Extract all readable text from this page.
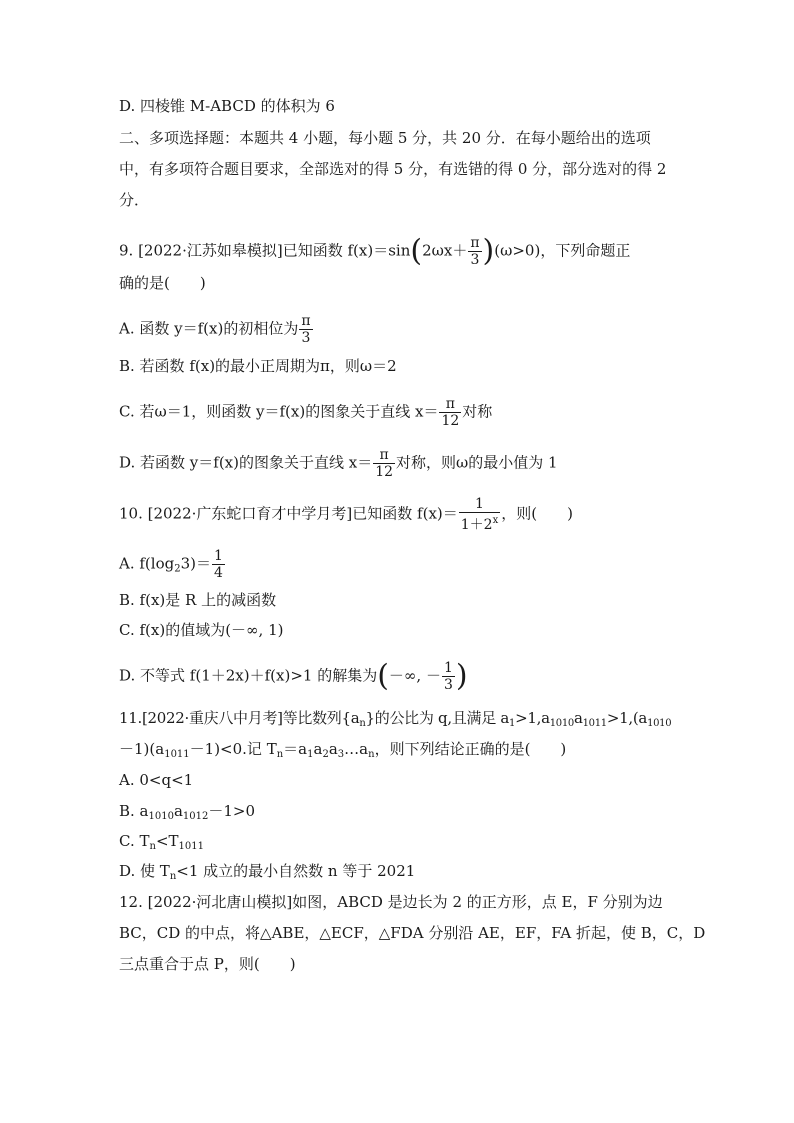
D. 四棱锥 M-ABCD 的体积为 6
二、多项选择题：本题共 4 小题，每小题 5 分，共 20 分．在每小题给出的选项
中，有多项符合题目要求，全部选对的得 5 分，有选错的得 0 分，部分选对的得 2
分．
9. [2022·江苏如皋模拟]已知函数 $f(x)=\sin(2\omega x+ \frac{\pi}{3} )(\omega>0)$，下列命题正
确的是(　　)
A. 函数 y＝f(x)的初相位为 $\frac{\pi}{3}$
B. 若函数 f(x)的最小正周期为π，则ω＝2
C. 若ω＝1，则函数 y＝f(x)的图象关于直线 $x= \frac{\pi}{12}$ 对称
D. 若函数 y＝f(x)的图象关于直线 $x= \frac{\pi}{12}$ 对称，则ω的最小值为 1
10. [2022·广东蛇口育才中学月考]已知函数 $f(x)= \frac{1}{1+2^x}$ ，则(　　)
A. $f(\log_23)= \frac{1}{4}$
B. f(x)是 R 上的减函数
C. f(x)的值域为(－∞, 1)
D. 不等式 f(1＋2x)＋f(x)>1 的解集为(－∞, － $\frac{1}{3}$ )
11.[2022·重庆八中月考]等比数列$\{a_n\}$的公比为 q,且满足 $a_1>1,a_{1010}a_{1011}>1,(a_{1010}$
$-1)(a_{1011}-1)<0$.记 $T_n=a_1a_2a_3\dots a_n$，则下列结论正确的是(　　)
A. 0<q<1
B. $a_{1010}a_{1012}-1>0$
C. $T_n<T_{1011}$
D. 使 $T_n<1$ 成立的最小自然数 n 等于 2021
12. [2022·河北唐山模拟]如图，ABCD 是边长为 2 的正方形，点 E，F 分别为边
BC，CD 的中点，将△ABE，△ECF，△FDA 分别沿 AE，EF，FA 折起，使 B，C，D
三点重合于点 P，则(　　)
